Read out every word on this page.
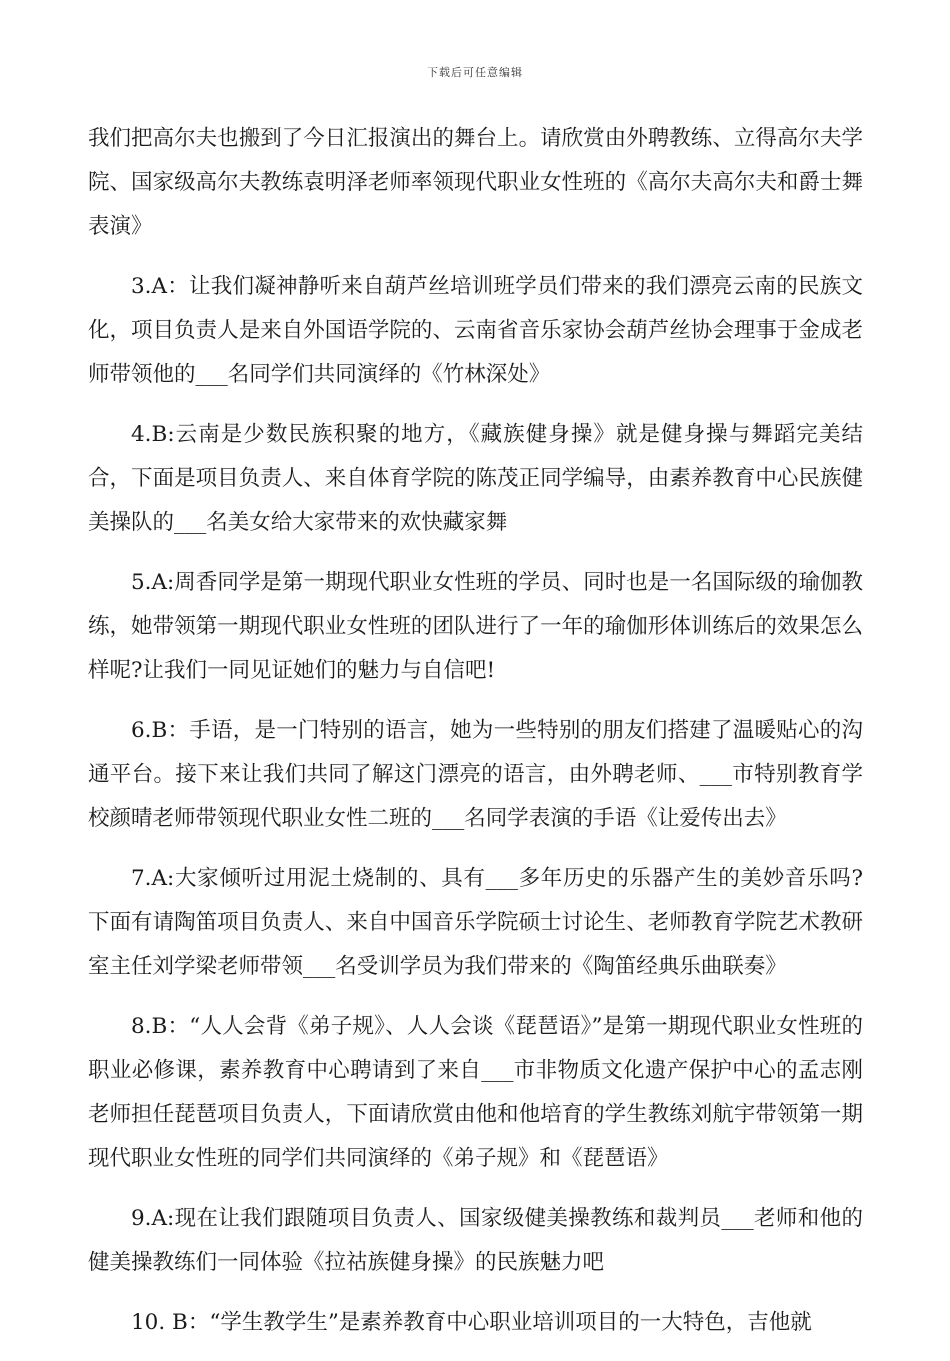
下载后可任意编辑

我们把高尔夫也搬到了今日汇报演出的舞台上。请欣赏由外聘教练、立得高尔夫学院、国家级高尔夫教练袁明泽老师率领现代职业女性班的《高尔夫高尔夫和爵士舞表演》

3.A：让我们凝神静听来自葫芦丝培训班学员们带来的我们漂亮云南的民族文化，项目负责人是来自外国语学院的、云南省音乐家协会葫芦丝协会理事于金成老师带领他的___名同学们共同演绎的《竹林深处》

4.B:云南是少数民族积聚的地方，《藏族健身操》就是健身操与舞蹈完美结合，下面是项目负责人、来自体育学院的陈茂正同学编导，由素养教育中心民族健美操队的___名美女给大家带来的欢快藏家舞

5.A:周香同学是第一期现代职业女性班的学员、同时也是一名国际级的瑜伽教练，她带领第一期现代职业女性班的团队进行了一年的瑜伽形体训练后的效果怎么样呢?让我们一同见证她们的魅力与自信吧!

6.B：手语，是一门特别的语言，她为一些特别的朋友们搭建了温暖贴心的沟通平台。接下来让我们共同了解这门漂亮的语言，由外聘老师、___市特别教育学校颜晴老师带领现代职业女性二班的___名同学表演的手语《让爱传出去》

7.A:大家倾听过用泥土烧制的、具有___多年历史的乐器产生的美妙音乐吗?下面有请陶笛项目负责人、来自中国音乐学院硕士讨论生、老师教育学院艺术教研室主任刘学梁老师带领___名受训学员为我们带来的《陶笛经典乐曲联奏》

8.B：“人人会背《弟子规》、人人会谈《琵琶语》”是第一期现代职业女性班的职业必修课，素养教育中心聘请到了来自___市非物质文化遗产保护中心的孟志刚老师担任琵琶项目负责人，下面请欣赏由他和他培育的学生教练刘航宇带领第一期现代职业女性班的同学们共同演绎的《弟子规》和《琵琶语》

9.A:现在让我们跟随项目负责人、国家级健美操教练和裁判员___老师和他的健美操教练们一同体验《拉祜族健身操》的民族魅力吧

10. B：“学生教学生”是素养教育中心职业培训项目的一大特色，吉他就
